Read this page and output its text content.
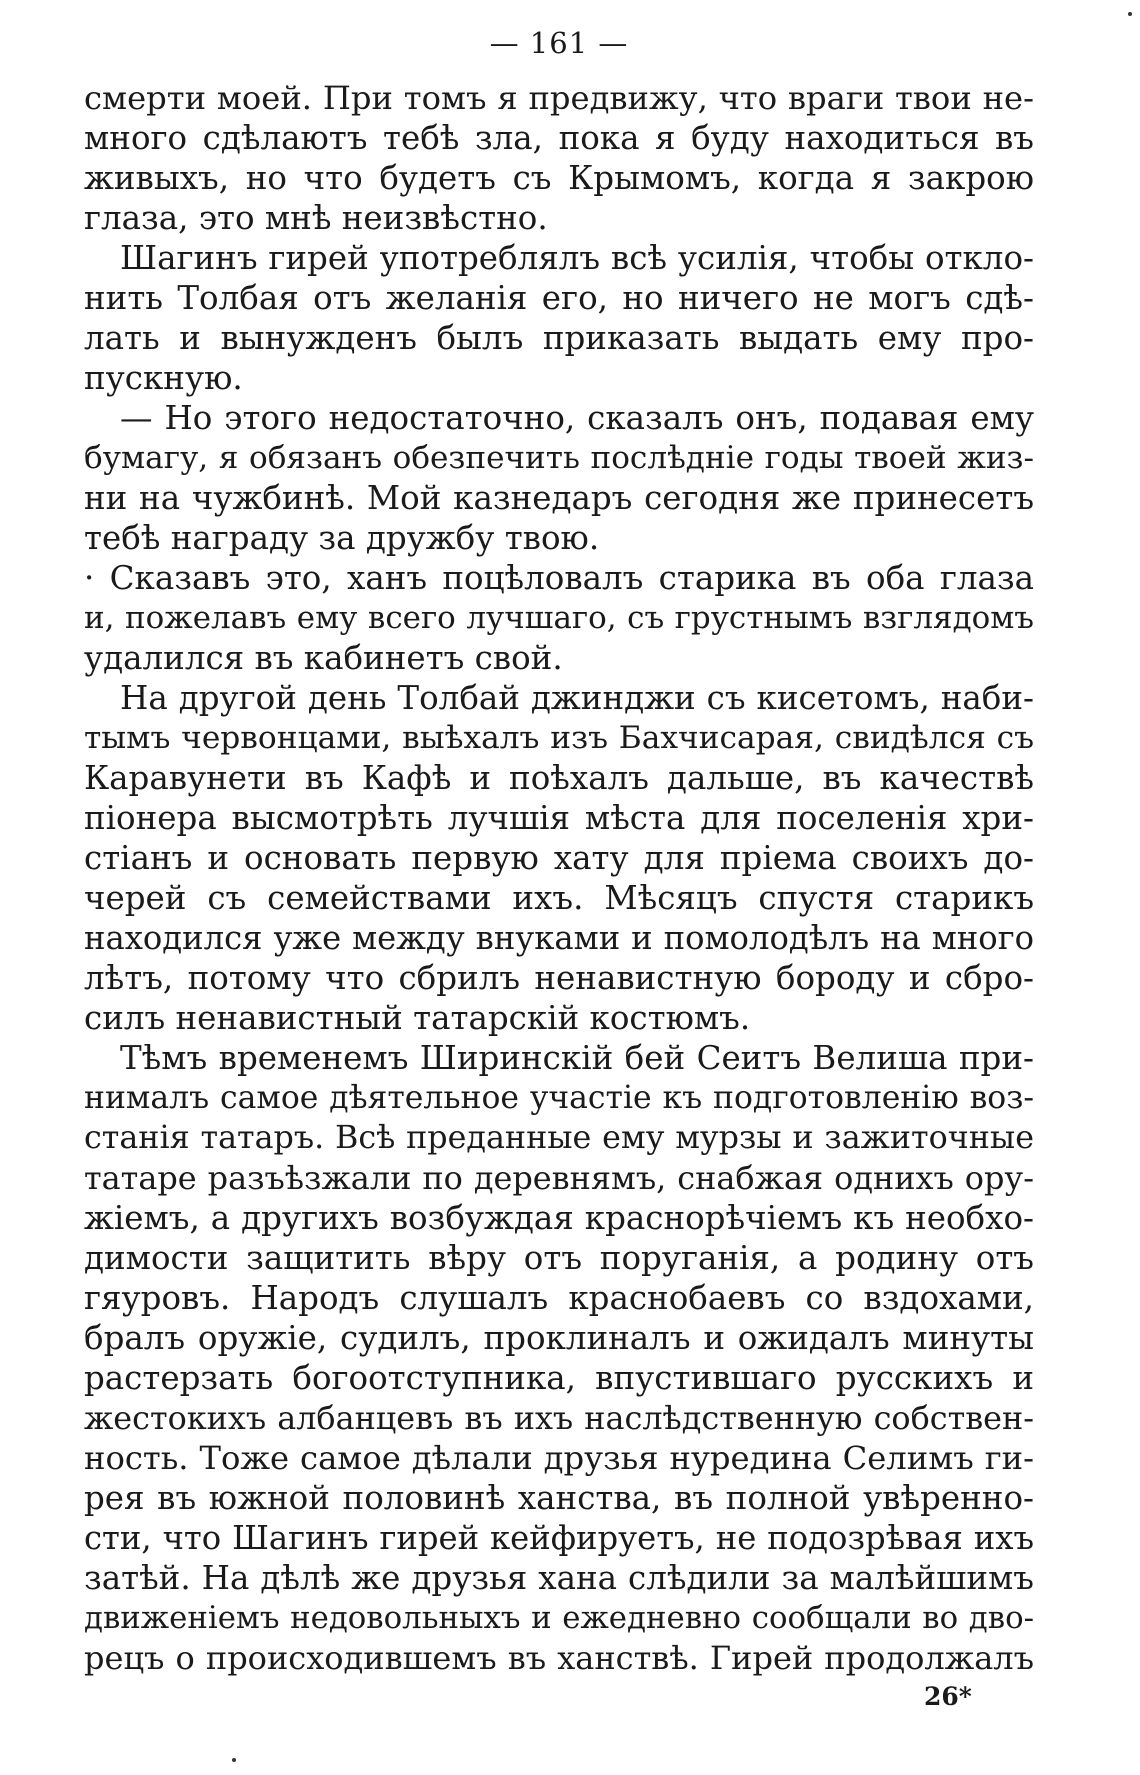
— 161 —
смерти моей. При томъ я предвижу, что враги твои не-
много сдѣлаютъ тебѣ зла, пока я буду находиться въ
живыхъ, но что будетъ съ Крымомъ, когда я закрою
глаза, это мнѣ неизвѣстно.
Шагинъ гирей употреблялъ всѣ усилія, чтобы откло-
нить Толбая отъ желанія его, но ничего не могъ сдѣ-
лать и вынужденъ былъ приказать выдать ему про-
пускную.
— Но этого недостаточно, сказалъ онъ, подавая ему
бумагу, я обязанъ обезпечить послѣдніе годы твоей жиз-
ни на чужбинѣ. Мой казнедаръ сегодня же принесетъ
тебѣ награду за дружбу твою.
· Сказавъ это, ханъ поцѣловалъ старика въ оба глаза
и, пожелавъ ему всего лучшаго, съ грустнымъ взглядомъ
удалился въ кабинетъ свой.
На другой день Толбай джинджи съ кисетомъ, наби-
тымъ червонцами, выѣхалъ изъ Бахчисарая, свидѣлся съ
Каравунети въ Кафѣ и поѣхалъ дальше, въ качествѣ
піонера высмотрѣть лучшія мѣста для поселенія хри-
стіанъ и основать первую хату для пріема своихъ до-
черей съ семействами ихъ. Мѣсяцъ спустя старикъ
находился уже между внуками и помолодѣлъ на много
лѣтъ, потому что сбрилъ ненавистную бороду и сбро-
силъ ненавистный татарскій костюмъ.
Тѣмъ временемъ Ширинскій бей Сеитъ Велиша при-
нималъ самое дѣятельное участіе къ подготовленію воз-
станія татаръ. Всѣ преданные ему мурзы и зажиточные
татаре разъѣзжали по деревнямъ, снабжая однихъ ору-
жіемъ, а другихъ возбуждая краснорѣчіемъ къ необхо-
димости защитить вѣру отъ поруганія, а родину отъ
гяуровъ. Народъ слушалъ краснобаевъ со вздохами,
бралъ оружіе, судилъ, проклиналъ и ожидалъ минуты
растерзать богоотступника, впустившаго русскихъ и
жестокихъ албанцевъ въ ихъ наслѣдственную собствен-
ность. Тоже самое дѣлали друзья нуредина Селимъ ги-
рея въ южной половинѣ ханства, въ полной увѣренно-
сти, что Шагинъ гирей кейфируетъ, не подозрѣвая ихъ
затѣй. На дѣлѣ же друзья хана слѣдили за малѣйшимъ
движеніемъ недовольныхъ и ежедневно сообщали во дво-
рецъ о происходившемъ въ ханствѣ. Гирей продолжалъ
26*
